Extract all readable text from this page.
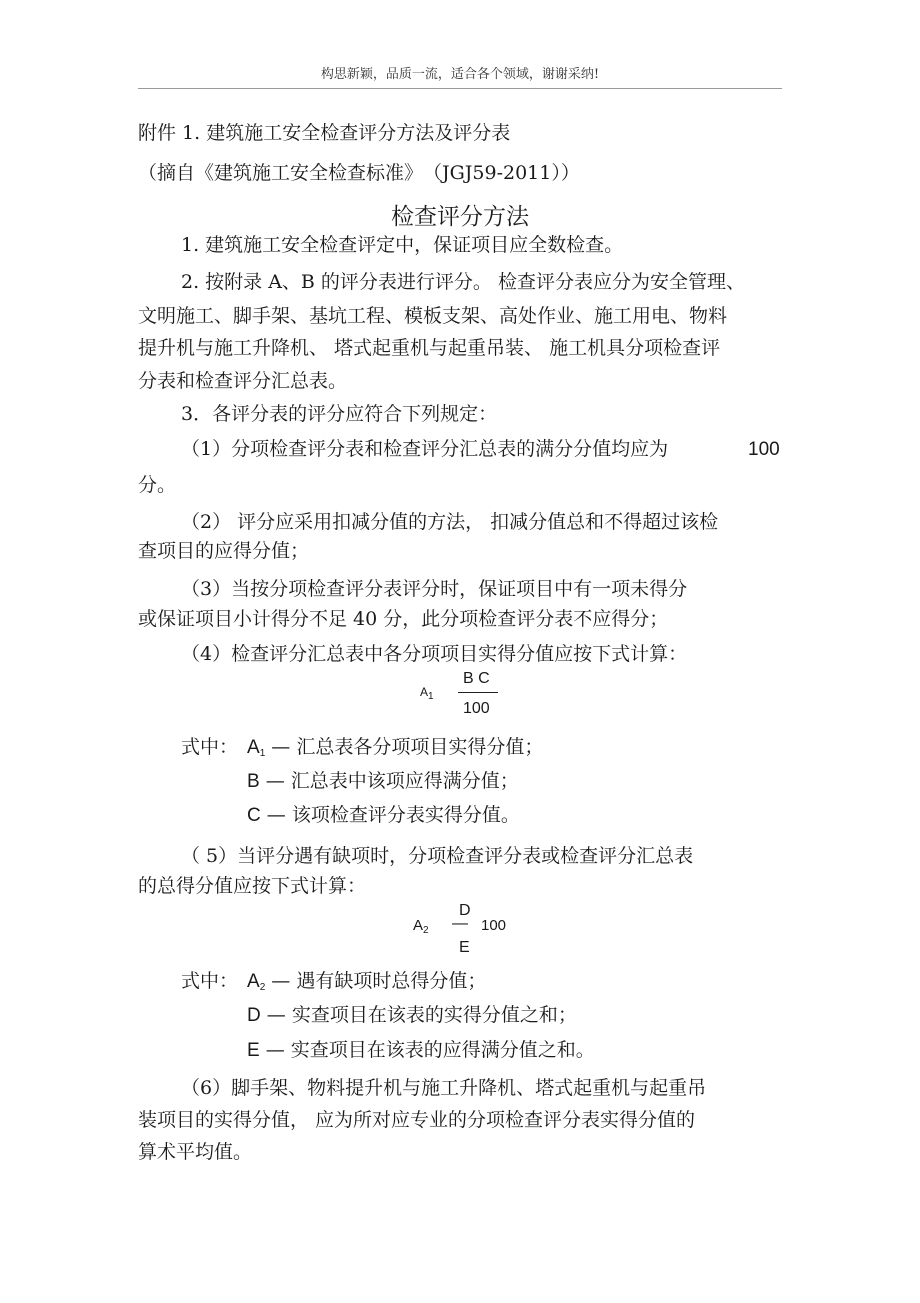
构思新颖，品质一流，适合各个领域，谢谢采纳!
附件 1. 建筑施工安全检查评分方法及评分表
（摘自《建筑施工安全检查标准》　（JGJ59-2011））
检查评分方法
1. 建筑施工安全检查评定中，保证项目应全数检查。
2. 按附录 A、B 的评分表进行评分。 检查评分表应分为安全管理、
文明施工、脚手架、基坑工程、模板支架、高处作业、施工用电、物料
提升机与施工升降机、 塔式起重机与起重吊装、 施工机具分项检查评
分表和检查评分汇总表。
3．各评分表的评分应符合下列规定：
（1）分项检查评分表和检查评分汇总表的满分分值均应为	100
分。
（2） 评分应采用扣减分值的方法， 扣减分值总和不得超过该检
查项目的应得分值；
（3）当按分项检查评分表评分时，保证项目中有一项未得分
或保证项目小计得分不足 40 分，此分项检查评分表不应得分；
（4）检查评分汇总表中各分项项目实得分值应按下式计算：
$A_1$
B C
100
式中： A1 — 汇总表各分项项目实得分值；
B — 汇总表中该项应得满分值；
C — 该项检查评分表实得分值。
（ 5）当评分遇有缺项时，分项检查评分表或检查评分汇总表
的总得分值应按下式计算：
$A_2$
D
— 100
E
式中： A2 — 遇有缺项时总得分值；
D — 实查项目在该表的实得分值之和；
E — 实查项目在该表的应得满分值之和。
（6）脚手架、物料提升机与施工升降机、塔式起重机与起重吊
装项目的实得分值， 应为所对应专业的分项检查评分表实得分值的
算术平均值。
